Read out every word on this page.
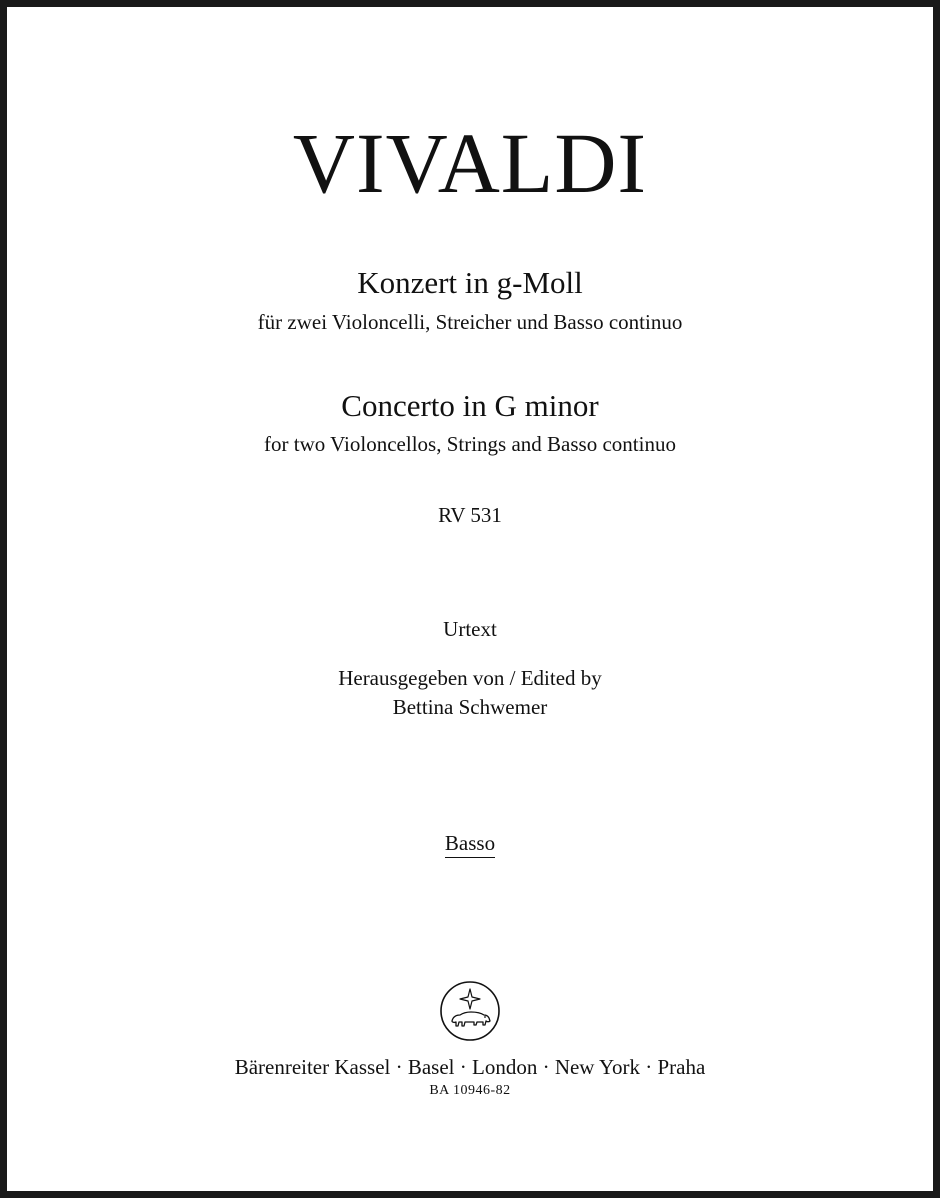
VIVALDI
Konzert in g-Moll
für zwei Violoncelli, Streicher und Basso continuo
Concerto in G minor
for two Violoncellos, Strings and Basso continuo
RV 531
Urtext
Herausgegeben von / Edited by
Bettina Schwemer
Basso
Bärenreiter Kassel · Basel · London · New York · Praha
BA 10946-82
